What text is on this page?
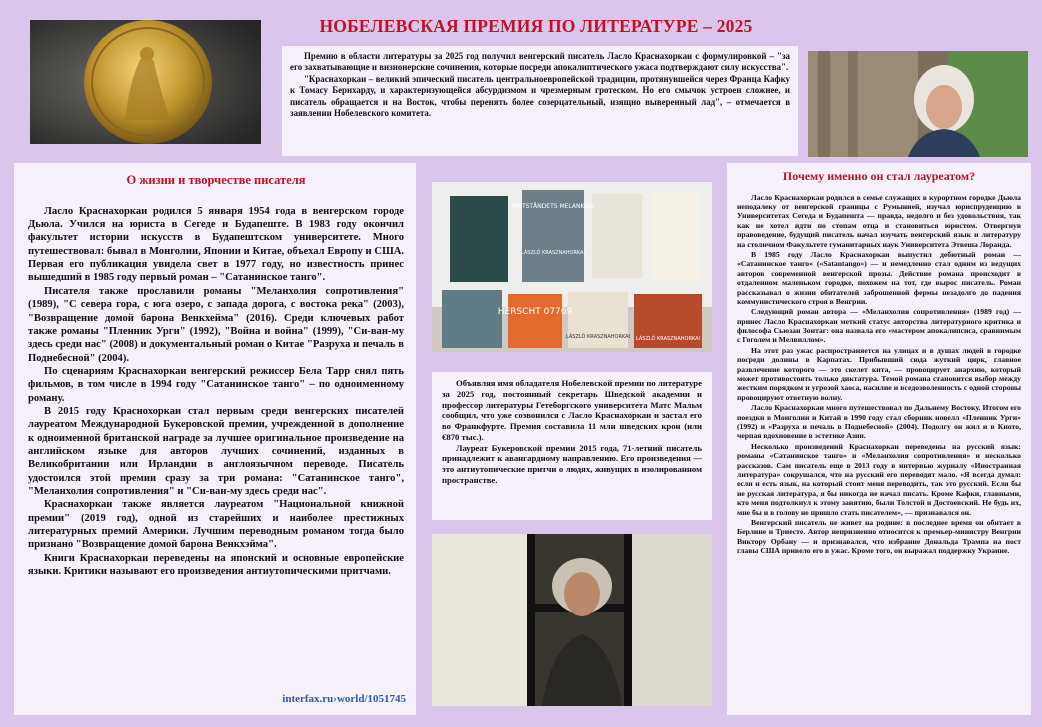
НОБЕЛЕВСКАЯ ПРЕМИЯ ПО ЛИТЕРАТУРЕ – 2025

Премию в области литературы за 2025 год получил венгерский писатель Ласло Краснахоркаи с формулировкой – "за его захватывающие и визионерские сочинения, которые посреди апокалиптического ужаса подтверждают силу искусства".

"Краснахоркаи – великий эпический писатель центральноевропейской традиции, протянувшейся через Франца Кафку к Томасу Бернхарду, и характеризующейся абсурдизмом и чрезмерным гротеском. Но его смычок устроен сложнее, и писатель обращается и на Восток, чтобы перенять более созерцательный, изящно выверенный лад", – отмечается в заявлении Нобелевского комитета.

О жизни и творчестве писателя

Ласло Краснахоркаи родился 5 января 1954 года в венгерском городе Дьюла. Учился на юриста в Сегеде и Будапеште. В 1983 году окончил факультет истории искусств в Будапештском университете. Много путешествовал: бывал в Монголии, Японии и Китае, объехал Европу и США. Первая его публикация увидела свет в 1977 году, но известность принес вышедший в 1985 году первый роман – "Сатанинское танго".

Писателя также прославили романы "Меланхолия сопротивления" (1989), "С севера гора, с юга озеро, с запада дорога, с востока река" (2003), "Возвращение домой барона Венкхейма" (2016). Среди ключевых работ также романы "Пленник Урги" (1992), "Война и война" (1999), "Си-ван-му здесь среди нас" (2008) и документальный роман о Китае "Разруха и печаль в Поднебесной" (2004).

По сценариям Краснахоркаи венгерский режиссер Бела Тарр снял пять фильмов, в том числе в 1994 году "Сатанинское танго" – по одноименному роману.

В 2015 году Краснохоркаи стал первым среди венгерских писателей лауреатом Международной Букеровской премии, учрежденной в дополнение к одноименной британской награде за лучшее оригинальное произведение на английском языке для авторов лучших сочинений, изданных в Великобритании или Ирландии в англоязычном переводе. Писатель удостоился этой премии сразу за три романа: "Сатанинское танго", "Меланхолия сопротивления" и "Си-ван-му здесь среди нас".

Краснахоркаи также является лауреатом "Национальной книжной премии" (2019 год), одной из старейших и наиболее престижных литературных премий Америки. Лучшим переводным романом тогда было признано "Возвращение домой барона Венкхэйма".

Книги Краснахоркаи переведены на японский и основные европейские языки. Критики называют его произведения антиутопическими притчами.

interfax.ru›world/1051745
MOTSTÅNDETS MELANKOLI
LÁSZLÓ KRASZNAHORKAI
HERSCHT 07769
LÁSZLÓ KRASZNAHORKAI LÁSZLÓ KRASZNAHORKAI

Объявляя имя обладателя Нобелевской премии по литературе за 2025 год, постоянный секретарь Шведской академии и профессор литературы Гетеборгского университета Матс Мальм сообщил, что уже созвонился с Ласло Краснахоркаи и застал его во Франкфурте. Премия составила 11 млн шведских крон (или €870 тыс.).

Лауреат Букеровской премии 2015 года, 71-летний писатель принадлежит к авангардному направлению. Его произведения — это антиутопические притчи о людях, живущих в изолированном пространстве.

Почему именно он стал лауреатом?

Ласло Краснахоркаи родился в семье служащих в курортном городке Дьюла неподалеку от венгерской границы с Румынией, изучал юриспруденцию в Университетах Сегеда и Будапешта — правда, недолго и без удовольствия, так как не хотел идти по стопам отца и становиться юристом. Отвергнув правоведение, будущий писатель начал изучать венгерский язык и литературу на столичном Факультете гуманитарных наук Университета Этвеша Лоранда.

В 1985 году Ласло Краснахоркаи выпустил дебютный роман — «Сатанинское танго» («Satantango») — и немедленно стал одним из ведущих авторов современной венгерской прозы. Действие романа происходит в отдаленном маленьком городке, похожем на тот, где вырос писатель. Роман рассказывал о жизни обитателей заброшенной фермы незадолго до падения коммунистического строя в Венгрии.

Следующий роман автора — «Меланхолия сопротивления» (1989 год) — принес Ласло Краснахоркаи меткий статус авторства литературного критика и философа Сьюзан Зонтаг: она назвала его «мастером апокалипсиса, сравнимым с Гоголем и Мелвиллом».

На этот раз ужас распространяется на улицах и в душах людей в городке посреди долины в Карпатах. Прибывший сюда жуткий цирк, главное развлечение которого — это скелет кита, — провоцирует анархию, который может противостоять только диктатура. Темой романа становится выбор между жестким порядком и угрозой хаоса, насилие и вседозволенность с одной стороны провоцируют ответную волну.

Ласло Краснахоркаи много путешествовал по Дальнему Востоку. Итогом его поездки в Монголии и Китай в 1990 году стал сборник новелл «Пленник Урги» (1992) и «Разруха и печаль в Поднебесной» (2004). Подолгу он жил и в Киото, черпая вдохновение в эстетике Азии.

Несколько произведений Краснахоркаи переведены на русский язык: романы «Сатанинское танго» и «Меланхолия сопротивления» и несколько рассказов. Сам писатель еще в 2013 году в интервью журналу «Иностранная литература» сокрушался, что на русский его переводят мало. «Я всегда думал: если и есть язык, на который стоит меня переводить, так это русский. Если бы не русская литература, я бы никогда не начал писать. Кроме Кафки, главными, кто меня подтолкнул к этому занятию, были Толстой и Достоевский. Не будь их, мне бы и в голову не пришло стать писателем», — признавался он.

Венгерский писатель не живет на родине: в последнее время он обитает в Берлине и Триесте. Автор непризненно относится к премьер-министру Венгрии Виктору Орбану — и признавался, что избрание Дональда Трампа на пост главы США привело его в ужас. Кроме того, он выражал поддержку Украине.
